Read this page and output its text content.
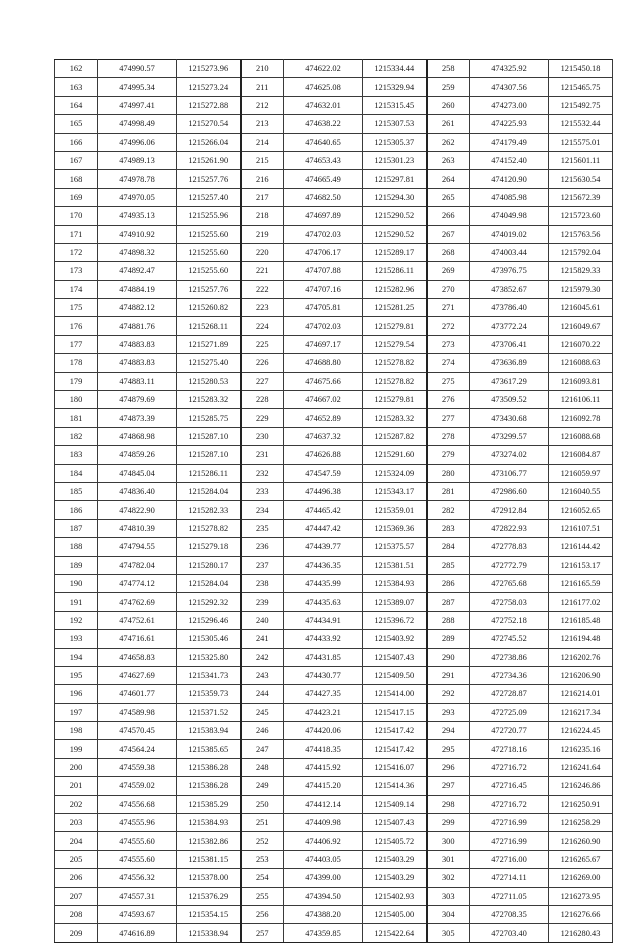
162	474990.57	1215273.96	210	474622.02	1215334.44	258	474325.92	1215450.18
163	474995.34	1215273.24	211	474625.08	1215329.94	259	474307.56	1215465.75
164	474997.41	1215272.88	212	474632.01	1215315.45	260	474273.00	1215492.75
165	474998.49	1215270.54	213	474638.22	1215307.53	261	474225.93	1215532.44
166	474996.06	1215266.04	214	474640.65	1215305.37	262	474179.49	1215575.01
167	474989.13	1215261.90	215	474653.43	1215301.23	263	474152.40	1215601.11
168	474978.78	1215257.76	216	474665.49	1215297.81	264	474120.90	1215630.54
169	474970.05	1215257.40	217	474682.50	1215294.30	265	474085.98	1215672.39
170	474935.13	1215255.96	218	474697.89	1215290.52	266	474049.98	1215723.60
171	474910.92	1215255.60	219	474702.03	1215290.52	267	474019.02	1215763.56
172	474898.32	1215255.60	220	474706.17	1215289.17	268	474003.44	1215792.04
173	474892.47	1215255.60	221	474707.88	1215286.11	269	473976.75	1215829.33
174	474884.19	1215257.76	222	474707.16	1215282.96	270	473852.67	1215979.30
175	474882.12	1215260.82	223	474705.81	1215281.25	271	473786.40	1216045.61
176	474881.76	1215268.11	224	474702.03	1215279.81	272	473772.24	1216049.67
177	474883.83	1215271.89	225	474697.17	1215279.54	273	473706.41	1216070.22
178	474883.83	1215275.40	226	474688.80	1215278.82	274	473636.89	1216088.63
179	474883.11	1215280.53	227	474675.66	1215278.82	275	473617.29	1216093.81
180	474879.69	1215283.32	228	474667.02	1215279.81	276	473509.52	1216106.11
181	474873.39	1215285.75	229	474652.89	1215283.32	277	473430.68	1216092.78
182	474868.98	1215287.10	230	474637.32	1215287.82	278	473299.57	1216088.68
183	474859.26	1215287.10	231	474626.88	1215291.60	279	473274.02	1216084.87
184	474845.04	1215286.11	232	474547.59	1215324.09	280	473106.77	1216059.97
185	474836.40	1215284.04	233	474496.38	1215343.17	281	472986.60	1216040.55
186	474822.90	1215282.33	234	474465.42	1215359.01	282	472912.84	1216052.65
187	474810.39	1215278.82	235	474447.42	1215369.36	283	472822.93	1216107.51
188	474794.55	1215279.18	236	474439.77	1215375.57	284	472778.83	1216144.42
189	474782.04	1215280.17	237	474436.35	1215381.51	285	472772.79	1216153.17
190	474774.12	1215284.04	238	474435.99	1215384.93	286	472765.68	1216165.59
191	474762.69	1215292.32	239	474435.63	1215389.07	287	472758.03	1216177.02
192	474752.61	1215296.46	240	474434.91	1215396.72	288	472752.18	1216185.48
193	474716.61	1215305.46	241	474433.92	1215403.92	289	472745.52	1216194.48
194	474658.83	1215325.80	242	474431.85	1215407.43	290	472738.86	1216202.76
195	474627.69	1215341.73	243	474430.77	1215409.50	291	472734.36	1216206.90
196	474601.77	1215359.73	244	474427.35	1215414.00	292	472728.87	1216214.01
197	474589.98	1215371.52	245	474423.21	1215417.15	293	472725.09	1216217.34
198	474570.45	1215383.94	246	474420.06	1215417.42	294	472720.77	1216224.45
199	474564.24	1215385.65	247	474418.35	1215417.42	295	472718.16	1216235.16
200	474559.38	1215386.28	248	474415.92	1215416.07	296	472716.72	1216241.64
201	474559.02	1215386.28	249	474415.20	1215414.36	297	472716.45	1216246.86
202	474556.68	1215385.29	250	474412.14	1215409.14	298	472716.72	1216250.91
203	474555.96	1215384.93	251	474409.98	1215407.43	299	472716.99	1216258.29
204	474555.60	1215382.86	252	474406.92	1215405.72	300	472716.99	1216260.90
205	474555.60	1215381.15	253	474403.05	1215403.29	301	472716.00	1216265.67
206	474556.32	1215378.00	254	474399.00	1215403.29	302	472714.11	1216269.00
207	474557.31	1215376.29	255	474394.50	1215402.93	303	472711.05	1216273.95
208	474593.67	1215354.15	256	474388.20	1215405.00	304	472708.35	1216276.66
209	474616.89	1215338.94	257	474359.85	1215422.64	305	472703.40	1216280.43
